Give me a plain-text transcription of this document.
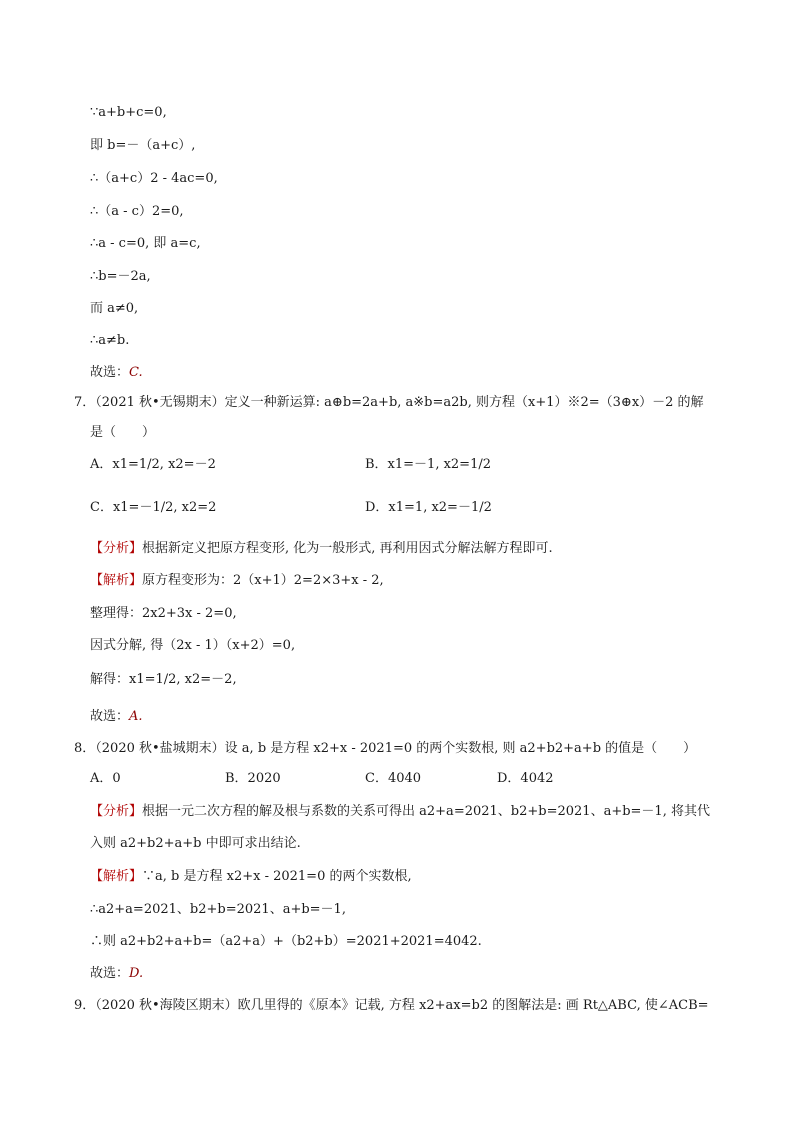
∵a+b+c=0,
即 b=－（a+c）,
∴（a+c）2 - 4ac=0,
∴（a - c）2=0,
∴a - c=0, 即 a=c,
∴b=－2a,
而 a≠0,
∴a≠b.
故选：C.
7．（2021 秋•无锡期末）定义一种新运算: a⊕b=2a+b, a※b=a2b, 则方程（x+1）※2=（3⊕x）－2 的解
是（　　）
A．x1=1/2, x2=－2	B．x1=－1, x2=1/2
C．x1=－1/2, x2=2	D．x1=1, x2=－1/2
【分析】根据新定义把原方程变形, 化为一般形式, 再利用因式分解法解方程即可.
【解析】原方程变形为：2（x+1）2=2×3+x - 2,
整理得：2x2+3x - 2=0,
因式分解, 得（2x - 1）（x+2）=0,
解得：x1=1/2, x2=－2,
故选：A.
8．（2020 秋•盐城期末）设 a, b 是方程 x2+x - 2021=0 的两个实数根, 则 a2+b2+a+b 的值是（　　）
A．0	B．2020	C．4040	D．4042
【分析】根据一元二次方程的解及根与系数的关系可得出 a2+a=2021、b2+b=2021、a+b=－1, 将其代
入则 a2+b2+a+b 中即可求出结论.
【解析】∵a, b 是方程 x2+x - 2021=0 的两个实数根,
∴a2+a=2021、b2+b=2021、a+b=－1,
∴则 a2+b2+a+b=（a2+a）+（b2+b）=2021+2021=4042.
故选：D.
9．（2020 秋•海陵区期末）欧几里得的《原本》记载, 方程 x2+ax=b2 的图解法是: 画 Rt△ABC, 使∠ACB=
